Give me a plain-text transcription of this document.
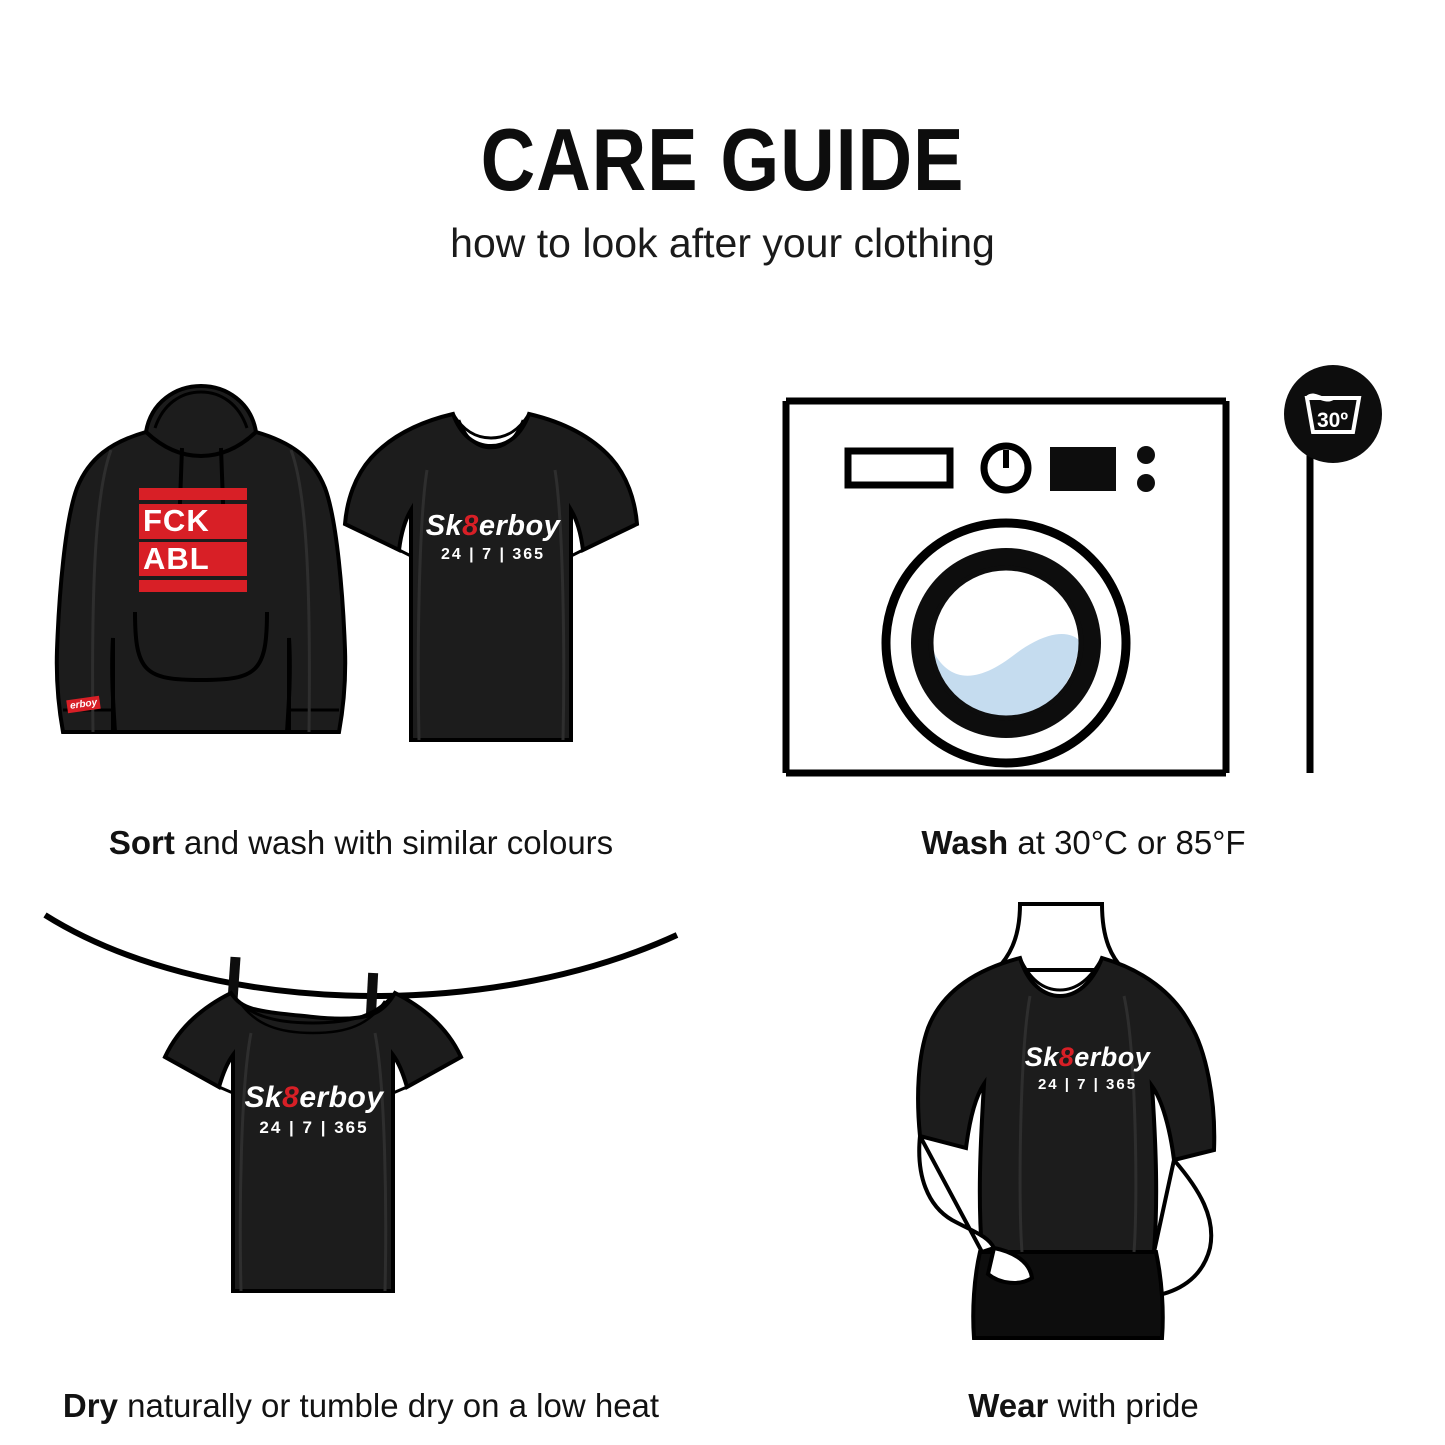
CARE GUIDE

how to look after your clothing

FCK
ABL
erboy
Sk8erboy
24 | 7 | 365
Sort and wash with similar colours
30º
Wash at 30°C or 85°F
Sk8erboy
24 | 7 | 365
Dry naturally or tumble dry on a low heat
Sk8erboy
24 | 7 | 365
Wear with pride
